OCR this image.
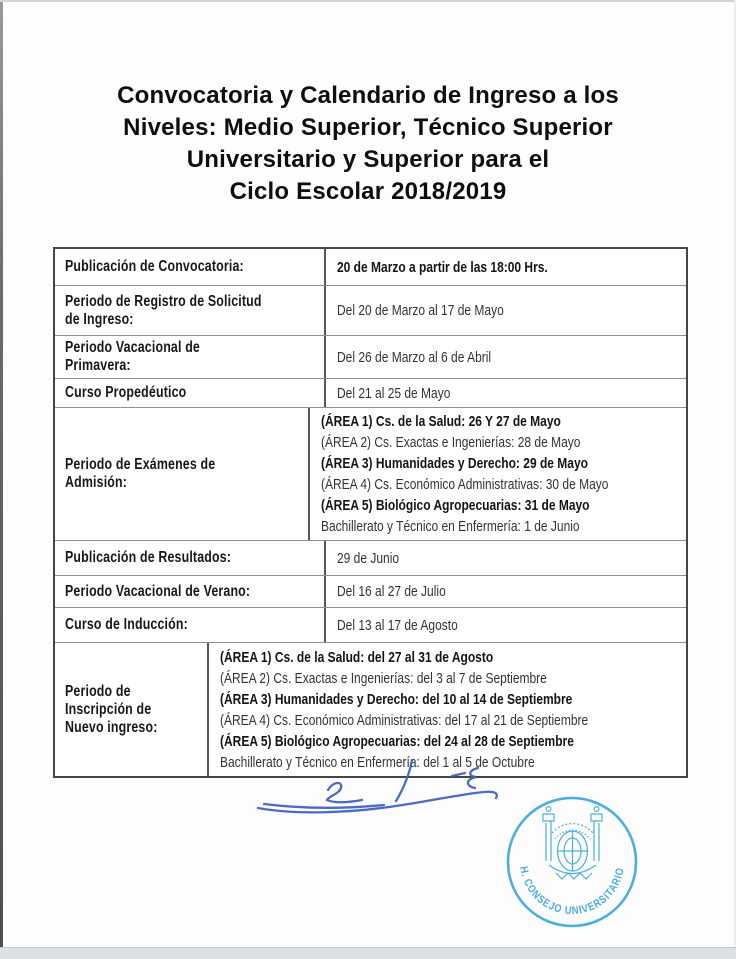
Convocatoria y Calendario de Ingreso a los
Niveles: Medio Superior, Técnico Superior
Universitario y Superior para el
Ciclo Escolar 2018/2019
Publicación de Convocatoria:	20 de Marzo a partir de las 18:00 Hrs.
Periodo de Registro de Solicitud de Ingreso:	Del 20 de Marzo al 17 de Mayo
Periodo Vacacional de Primavera:	Del 26 de Marzo al 6 de Abril
Curso Propedéutico	Del 21 al 25 de Mayo
Periodo de Exámenes de Admisión:
(ÁREA 1) Cs. de la Salud: 26 Y 27 de Mayo
(ÁREA 2) Cs. Exactas e Ingenierías: 28 de Mayo
(ÁREA 3) Humanidades y Derecho: 29 de Mayo
(ÁREA 4) Cs. Económico Administrativas: 30 de Mayo
(ÁREA 5) Biológico Agropecuarias: 31 de Mayo
Bachillerato y Técnico en Enfermería: 1 de Junio
Publicación de Resultados:	29 de Junio
Periodo Vacacional de Verano:	Del 16 al 27 de Julio
Curso de Inducción:	Del 13 al 17 de Agosto
Periodo de Inscripción de Nuevo ingreso:
(ÁREA 1) Cs. de la Salud: del 27 al 31 de Agosto
(ÁREA 2) Cs. Exactas e Ingenierías: del 3 al 7 de Septiembre
(ÁREA 3) Humanidades y Derecho: del 10 al 14 de Septiembre
(ÁREA 4) Cs. Económico Administrativas: del 17 al 21 de Septiembre
(ÁREA 5) Biológico Agropecuarias: del 24 al 28 de Septiembre
Bachillerato y Técnico en Enfermería: del 1 al 5 de Octubre
H. CONSEJO UNIVERSITARIO
